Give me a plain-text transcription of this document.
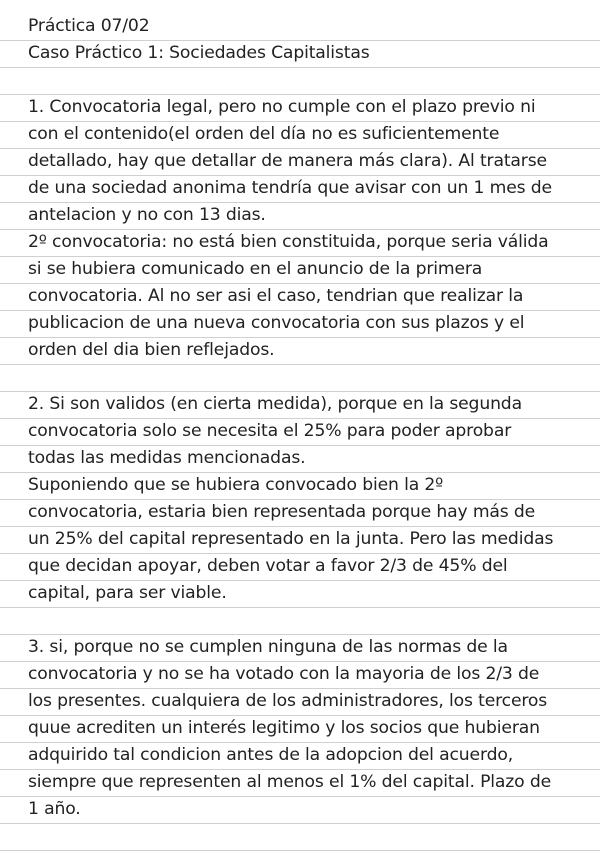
Práctica 07/02
Caso Práctico 1: Sociedades Capitalistas
1. Convocatoria legal, pero no cumple con el plazo previo ni
con el contenido(el orden del día no es suficientemente
detallado, hay que detallar de manera más clara). Al tratarse
de una sociedad anonima tendría que avisar con un 1 mes de
antelacion y no con 13 dias.
2º convocatoria: no está bien constituida, porque seria válida
si se hubiera comunicado en el anuncio de la primera
convocatoria. Al no ser asi el caso, tendrian que realizar la
publicacion de una nueva convocatoria con sus plazos y el
orden del dia bien reflejados.
2. Si son validos (en cierta medida), porque en la segunda
convocatoria solo se necesita el 25% para poder aprobar
todas las medidas mencionadas.
Suponiendo que se hubiera convocado bien la 2º
convocatoria, estaria bien representada porque hay más de
un 25% del capital representado en la junta. Pero las medidas
que decidan apoyar, deben votar a favor 2/3 de 45% del
capital, para ser viable.
3. si, porque no se cumplen ninguna de las normas de la
convocatoria y no se ha votado con la mayoria de los 2/3 de
los presentes. cualquiera de los administradores, los terceros
quue acrediten un interés legitimo y los socios que hubieran
adquirido tal condicion antes de la adopcion del acuerdo,
siempre que representen al menos el 1% del capital. Plazo de
1 año.
